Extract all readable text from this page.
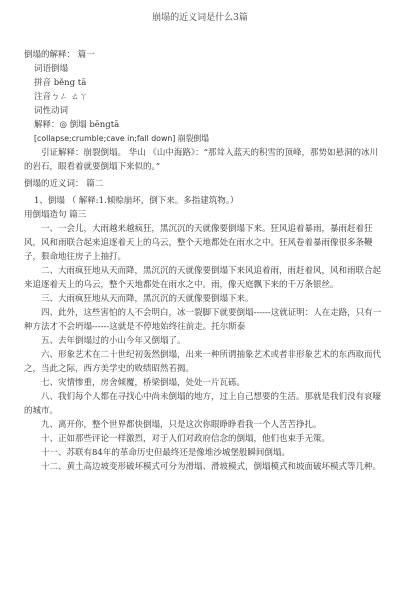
崩塌的近义词是什么3篇
倒塌的解释： 篇一
词语倒塌
拼音 běng tā
注音ㄅㄥ ㄊㄚ
词性动词
解释：◎ 倒塌 bēngtā
[collapse;crumble;cave in;fall down] 崩裂倒塌
引证解释：崩裂倒塌。 华山 《山中海路》：“那耸入蓝天的积雪的顶峰，那势如悬洞的冰川的岩石，眼看着就要倒塌下来似的。”
倒塌的近义词： 篇二
1、倒塌 （ 解释:1.倾赊崩坏，倒下来。多指建筑物。）
用倒塌造句 篇三
一、一会儿，大雨越来越疯狂，黑沉沉的天就像要倒塌下来。狂风追着暴雨，暴雨赶着狂风，风和雨联合起来追逐着天上的乌云，整个天地都处在雨水之中。狂风卷着暴雨像很多条鞭子，狠命地往房子上抽打。
二、大雨疯狂地从天而降，黑沉沉的天就像要倒塌下来风追着雨，雨赶着风，风和雨联合起来追逐着天上的乌云，整个天地都处在雨水之中。雨，像天庭飘下来的千万条银丝。
三、大雨疯狂地从天而降，黑沉沉的天就像要倒塌下来。
四、此外，这些害怕的人不会明白，冰一裂脚下就要倒塌------这就证明：人在走路，只有一种方法才不会坍塌------这就是不停地始终往前走。托尔斯泰
五、去年倒塌过的小山今年又倒塌了。
六、形象艺术在二十世纪初轰然倒塌，出来一种所谓抽象艺术或者非形象艺术的东西取而代之，当此之际，西方美学史的败绩昭然若揭。
七、灾情惨重，房舍倾覆，桥梁倒塌，处处一片瓦砾。
八、我们每个人都在寻找心中尚未倒塌的地方，过上自己想要的生活。那就是我们没有哀嚎的城市。
九、离开你，整个世界都快倒塌，只是这次你眼睁睁看我一个人苦苦挣扎。
十、正如那些评论一样激烈，对于人们对政府信念的倒塌，他们也束手无策。
十一、苏联有84年的革命历史但最终还是像堆沙城堡般瞬间倒塌。
十二、黄土高边坡变形破坏模式可分为滑塌、滑坡模式，倒塌模式和坡面破坏模式等几种。
